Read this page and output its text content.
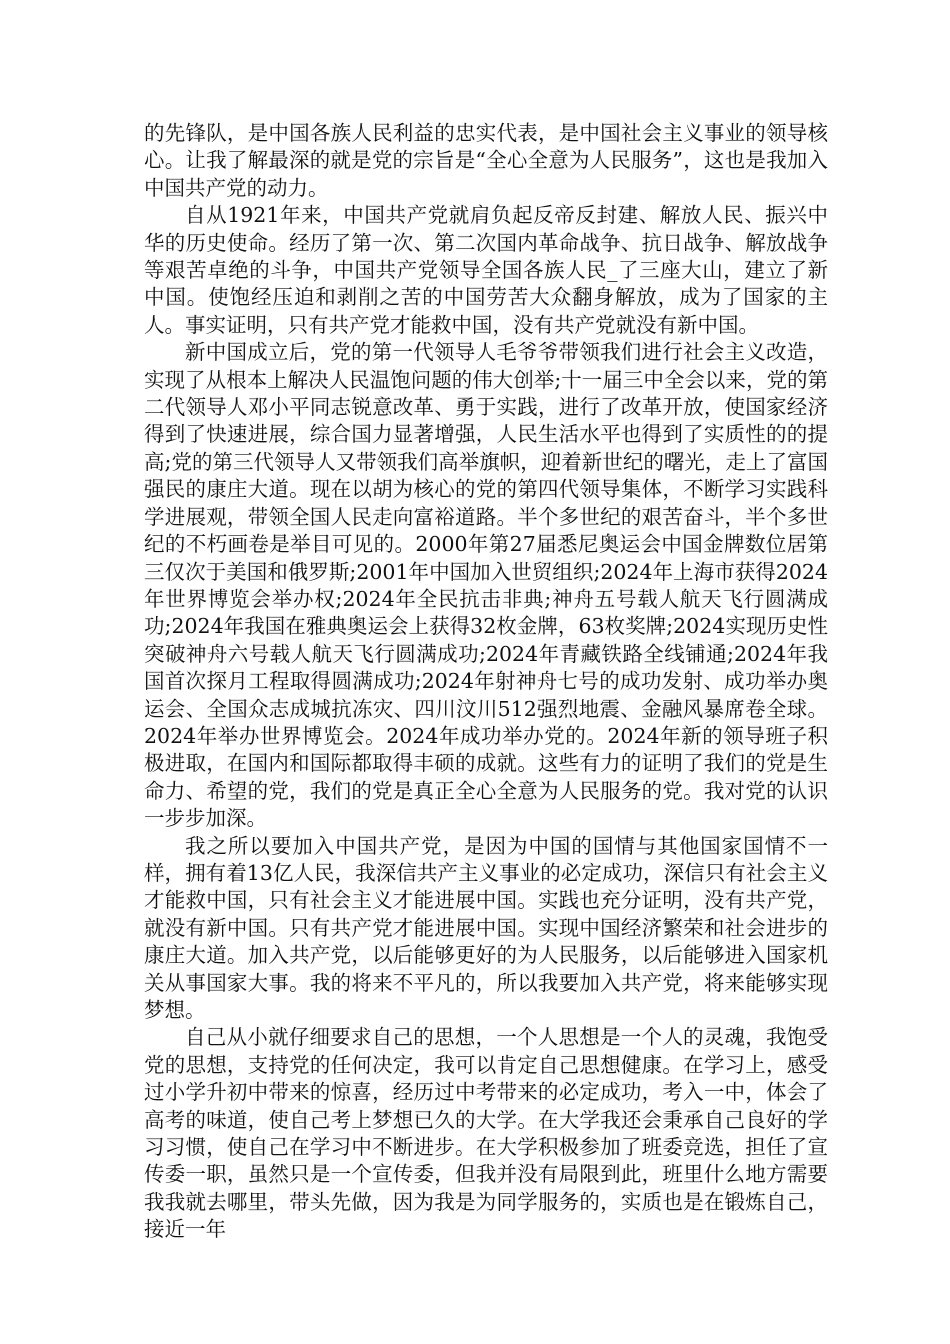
的先锋队，是中国各族人民利益的忠实代表，是中国社会主义事业的领导核心。让我了解最深的就是党的宗旨是“全心全意为人民服务”，这也是我加入中国共产党的动力。

自从1921年来，中国共产党就肩负起反帝反封建、解放人民、振兴中华的历史使命。经历了第一次、第二次国内革命战争、抗日战争、解放战争等艰苦卓绝的斗争，中国共产党领导全国各族人民_了三座大山，建立了新中国。使饱经压迫和剥削之苦的中国劳苦大众翻身解放，成为了国家的主人。事实证明，只有共产党才能救中国，没有共产党就没有新中国。

新中国成立后，党的第一代领导人毛爷爷带领我们进行社会主义改造，实现了从根本上解决人民温饱问题的伟大创举;十一届三中全会以来，党的第二代领导人邓小平同志锐意改革、勇于实践，进行了改革开放，使国家经济得到了快速进展，综合国力显著增强，人民生活水平也得到了实质性的的提高;党的第三代领导人又带领我们高举旗帜，迎着新世纪的曙光，走上了富国强民的康庄大道。现在以胡为核心的党的第四代领导集体，不断学习实践科学进展观，带领全国人民走向富裕道路。半个多世纪的艰苦奋斗，半个多世纪的不朽画卷是举目可见的。2000年第27届悉尼奥运会中国金牌数位居第三仅次于美国和俄罗斯;2001年中国加入世贸组织;2024年上海市获得2024年世界博览会举办权;2024年全民抗击非典;神舟五号载人航天飞行圆满成功;2024年我国在雅典奥运会上获得32枚金牌，63枚奖牌;2024实现历史性突破神舟六号载人航天飞行圆满成功;2024年青藏铁路全线铺通;2024年我国首次探月工程取得圆满成功;2024年射神舟七号的成功发射、成功举办奥运会、全国众志成城抗冻灾、四川汶川512强烈地震、金融风暴席卷全球。2024年举办世界博览会。2024年成功举办党的。2024年新的领导班子积极进取，在国内和国际都取得丰硕的成就。这些有力的证明了我们的党是生命力、希望的党，我们的党是真正全心全意为人民服务的党。我对党的认识一步步加深。

我之所以要加入中国共产党，是因为中国的国情与其他国家国情不一样，拥有着13亿人民，我深信共产主义事业的必定成功，深信只有社会主义才能救中国，只有社会主义才能进展中国。实践也充分证明，没有共产党，就没有新中国。只有共产党才能进展中国。实现中国经济繁荣和社会进步的康庄大道。加入共产党，以后能够更好的为人民服务，以后能够进入国家机关从事国家大事。我的将来不平凡的，所以我要加入共产党，将来能够实现梦想。

自己从小就仔细要求自己的思想，一个人思想是一个人的灵魂，我饱受党的思想，支持党的任何决定，我可以肯定自己思想健康。在学习上，感受过小学升初中带来的惊喜，经历过中考带来的必定成功，考入一中，体会了高考的味道，使自己考上梦想已久的大学。在大学我还会秉承自己良好的学习习惯，使自己在学习中不断进步。在大学积极参加了班委竞选，担任了宣传委一职，虽然只是一个宣传委，但我并没有局限到此，班里什么地方需要我我就去哪里，带头先做，因为我是为同学服务的，实质也是在锻炼自己，接近一年
